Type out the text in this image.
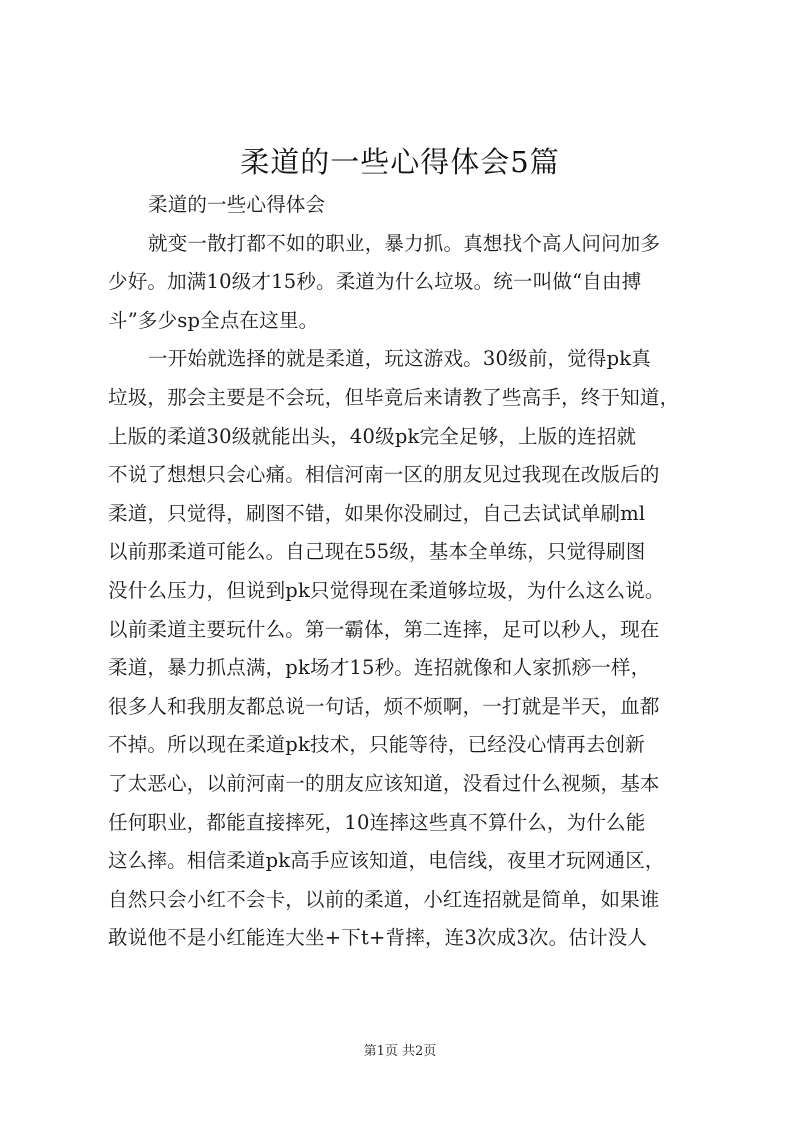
柔道的一些心得体会5篇
柔道的一些心得体会
就变一散打都不如的职业，暴力抓。真想找个高人问问加多
少好。加满10级才15秒。柔道为什么垃圾。统一叫做“自由搏
斗”多少sp全点在这里。
一开始就选择的就是柔道，玩这游戏。30级前，觉得pk真
垃圾，那会主要是不会玩，但毕竟后来请教了些高手，终于知道，
上版的柔道30级就能出头，40级pk完全足够，上版的连招就
不说了想想只会心痛。相信河南一区的朋友见过我现在改版后的
柔道，只觉得，刷图不错，如果你没刷过，自己去试试单刷ml
以前那柔道可能么。自己现在55级，基本全单练，只觉得刷图
没什么压力，但说到pk只觉得现在柔道够垃圾，为什么这么说。
以前柔道主要玩什么。第一霸体，第二连摔，足可以秒人，现在
柔道，暴力抓点满，pk场才15秒。连招就像和人家抓痧一样，
很多人和我朋友都总说一句话，烦不烦啊，一打就是半天，血都
不掉。所以现在柔道pk技术，只能等待，已经没心情再去创新
了太恶心，以前河南一的朋友应该知道，没看过什么视频，基本
任何职业，都能直接摔死，10连摔这些真不算什么，为什么能
这么摔。相信柔道pk高手应该知道，电信线，夜里才玩网通区，
自然只会小红不会卡，以前的柔道，小红连招就是简单，如果谁
敢说他不是小红能连大坐+下t+背摔，连3次成3次。估计没人
第1页 共2页
